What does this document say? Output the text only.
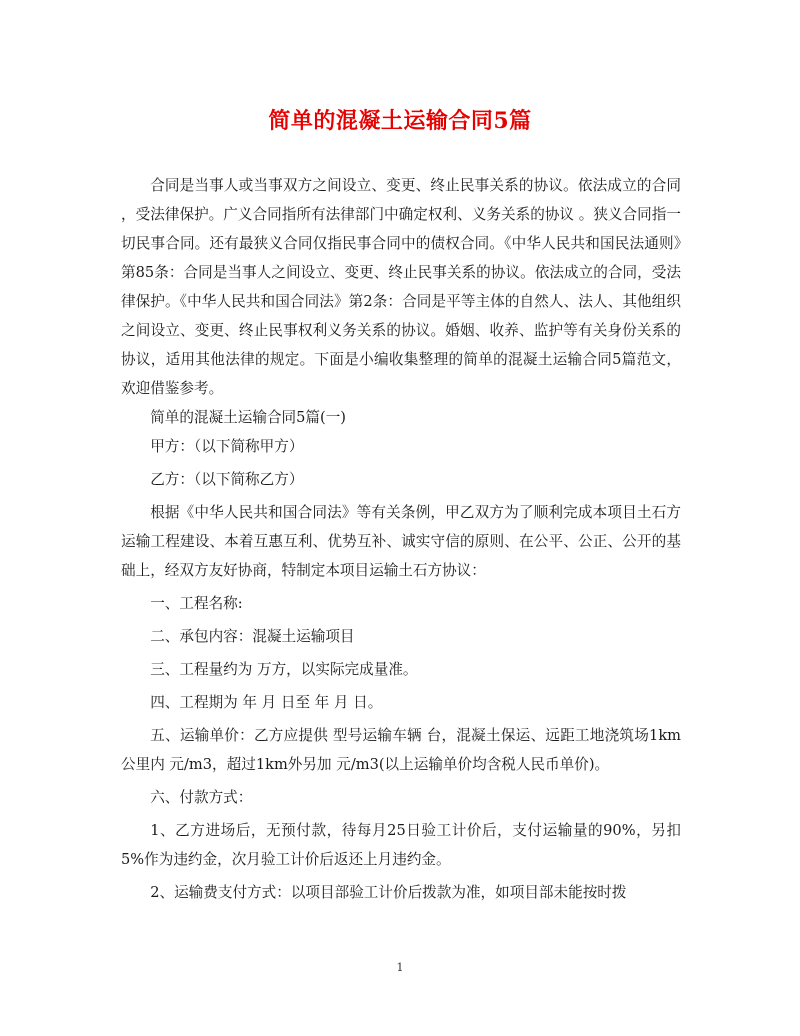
简单的混凝土运输合同5篇

合同是当事人或当事双方之间设立、变更、终止民事关系的协议。依法成立的合同 ，受法律保护。广义合同指所有法律部门中确定权利、义务关系的协议 。狭义合同指一切民事合同。还有最狭义合同仅指民事合同中的债权合同。《中华人民共和国民法通则》第85条：合同是当事人之间设立、变更、终止民事关系的协议。依法成立的合同，受法律保护。《中华人民共和国合同法》第2条：合同是平等主体的自然人、法人、其他组织之间设立、变更、终止民事权利义务关系的协议。婚姻、收养、监护等有关身份关系的协议，适用其他法律的规定。下面是小编收集整理的简单的混凝土运输合同5篇范文，欢迎借鉴参考。

简单的混凝土运输合同5篇(一)

甲方：（以下简称甲方）

乙方：（以下简称乙方）

根据《中华人民共和国合同法》等有关条例，甲乙双方为了顺利完成本项目土石方运输工程建设、本着互惠互利、优势互补、诚实守信的原则、在公平、公正、公开的基础上，经双方友好协商，特制定本项目运输土石方协议：

一、工程名称:

二、承包内容：混凝土运输项目

三、工程量约为 万方，以实际完成量准。

四、工程期为 年 月 日至 年 月 日。

五、运输单价：乙方应提供 型号运输车辆 台，混凝土保运、远距工地浇筑场1km公里内 元/m3，超过1km外另加 元/m3(以上运输单价均含税人民币单价)。

六、付款方式：

1、乙方进场后，无预付款，待每月25日验工计价后，支付运输量的90%，另扣5%作为违约金，次月验工计价后返还上月违约金。

2、运输费支付方式：以项目部验工计价后拨款为准，如项目部未能按时拨

1
